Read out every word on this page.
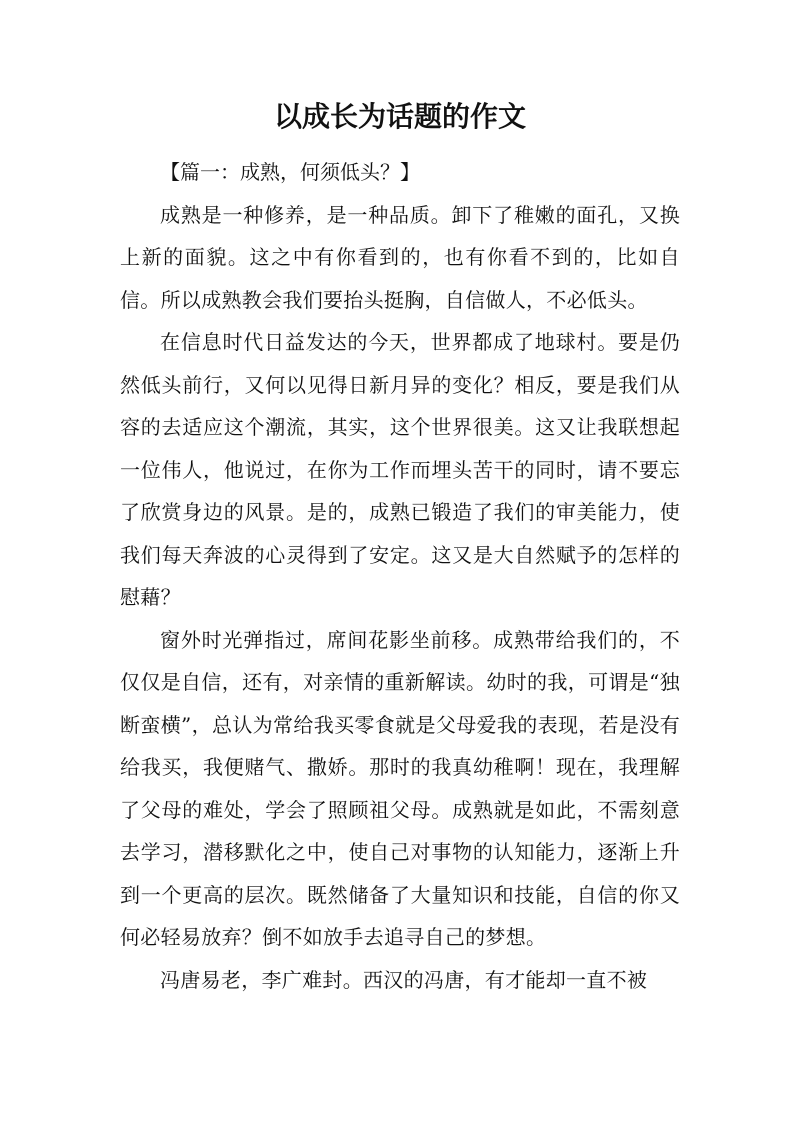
以成长为话题的作文

【篇一：成熟，何须低头？】

成熟是一种修养，是一种品质。卸下了稚嫩的面孔，又换上新的面貌。这之中有你看到的，也有你看不到的，比如自信。所以成熟教会我们要抬头挺胸，自信做人，不必低头。

在信息时代日益发达的今天，世界都成了地球村。要是仍然低头前行，又何以见得日新月异的变化？相反，要是我们从容的去适应这个潮流，其实，这个世界很美。这又让我联想起一位伟人，他说过，在你为工作而埋头苦干的同时，请不要忘了欣赏身边的风景。是的，成熟已锻造了我们的审美能力，使我们每天奔波的心灵得到了安定。这又是大自然赋予的怎样的慰藉？

窗外时光弹指过，席间花影坐前移。成熟带给我们的，不仅仅是自信，还有，对亲情的重新解读。幼时的我，可谓是“独断蛮横”，总认为常给我买零食就是父母爱我的表现，若是没有给我买，我便赌气、撒娇。那时的我真幼稚啊！现在，我理解了父母的难处，学会了照顾祖父母。成熟就是如此，不需刻意去学习，潜移默化之中，使自己对事物的认知能力，逐渐上升到一个更高的层次。既然储备了大量知识和技能，自信的你又何必轻易放弃？倒不如放手去追寻自己的梦想。

冯唐易老，李广难封。西汉的冯唐，有才能却一直不被
